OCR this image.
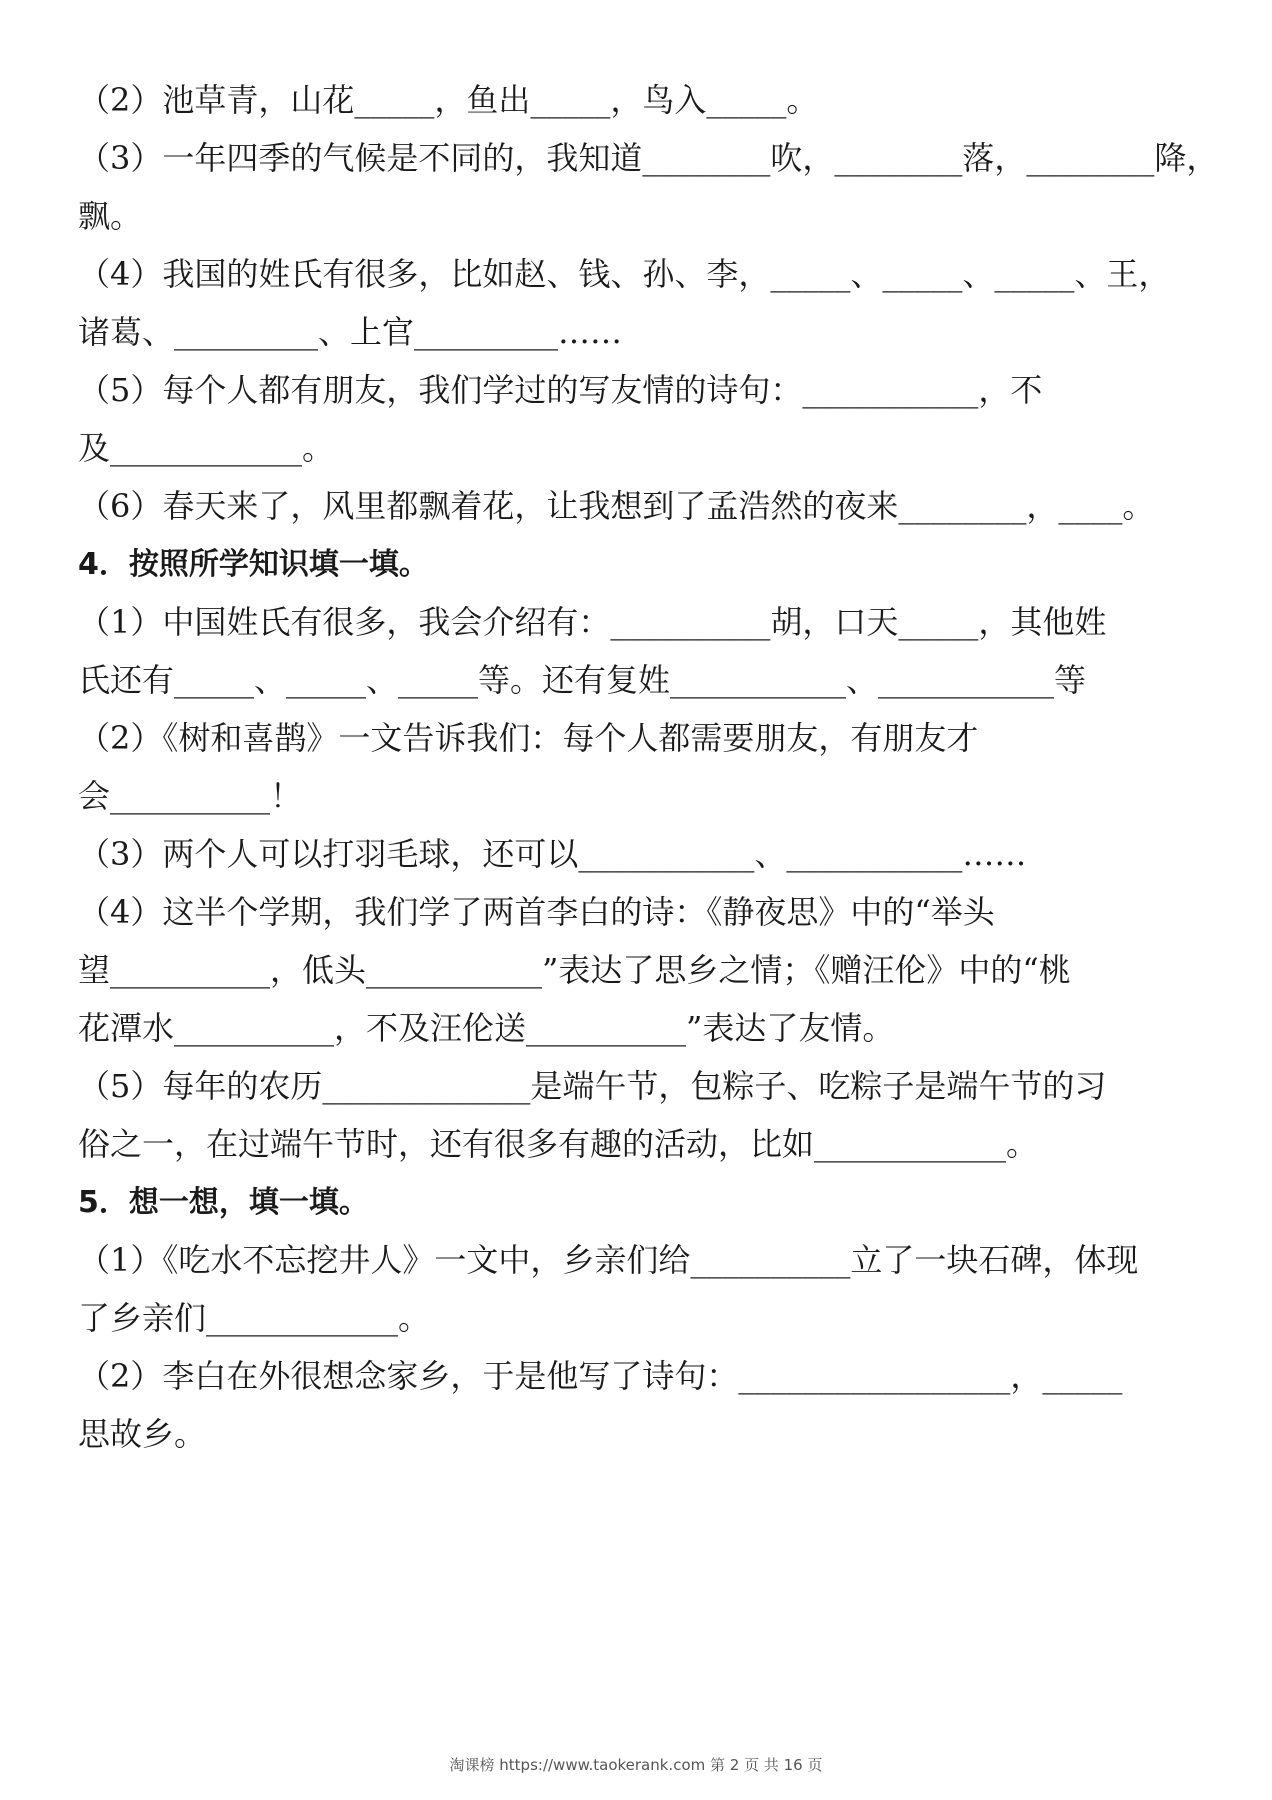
（2）池草青，山花_____，鱼出_____，鸟入_____。
（3）一年四季的气候是不同的，我知道________吹，________落，________降，
飘。
（4）我国的姓氏有很多，比如赵、钱、孙、李，_____、_____、_____、王，
诸葛、_________、上官_________……
（5）每个人都有朋友，我们学过的写友情的诗句：___________，不
及____________。
（6）春天来了，风里都飘着花，让我想到了孟浩然的夜来________，____。
4．按照所学知识填一填。
（1）中国姓氏有很多，我会介绍有：__________胡，口天_____，其他姓
氏还有_____、_____、_____等。还有复姓___________、___________等
（2）《树和喜鹊》一文告诉我们：每个人都需要朋友，有朋友才
会__________！
（3）两个人可以打羽毛球，还可以___________、___________……
（4）这半个学期，我们学了两首李白的诗：《静夜思》中的“举头
望__________，低头___________”表达了思乡之情；《赠汪伦》中的“桃
花潭水__________，不及汪伦送__________”表达了友情。
（5）每年的农历_____________是端午节，包粽子、吃粽子是端午节的习
俗之一，在过端午节时，还有很多有趣的活动，比如____________。
5．想一想，填一填。
（1）《吃水不忘挖井人》一文中，乡亲们给__________立了一块石碑，体现
了乡亲们____________。
（2）李白在外很想念家乡，于是他写了诗句：_________________，_____
思故乡。
淘课榜 https://www.taokerank.com 第 2 页 共 16 页
